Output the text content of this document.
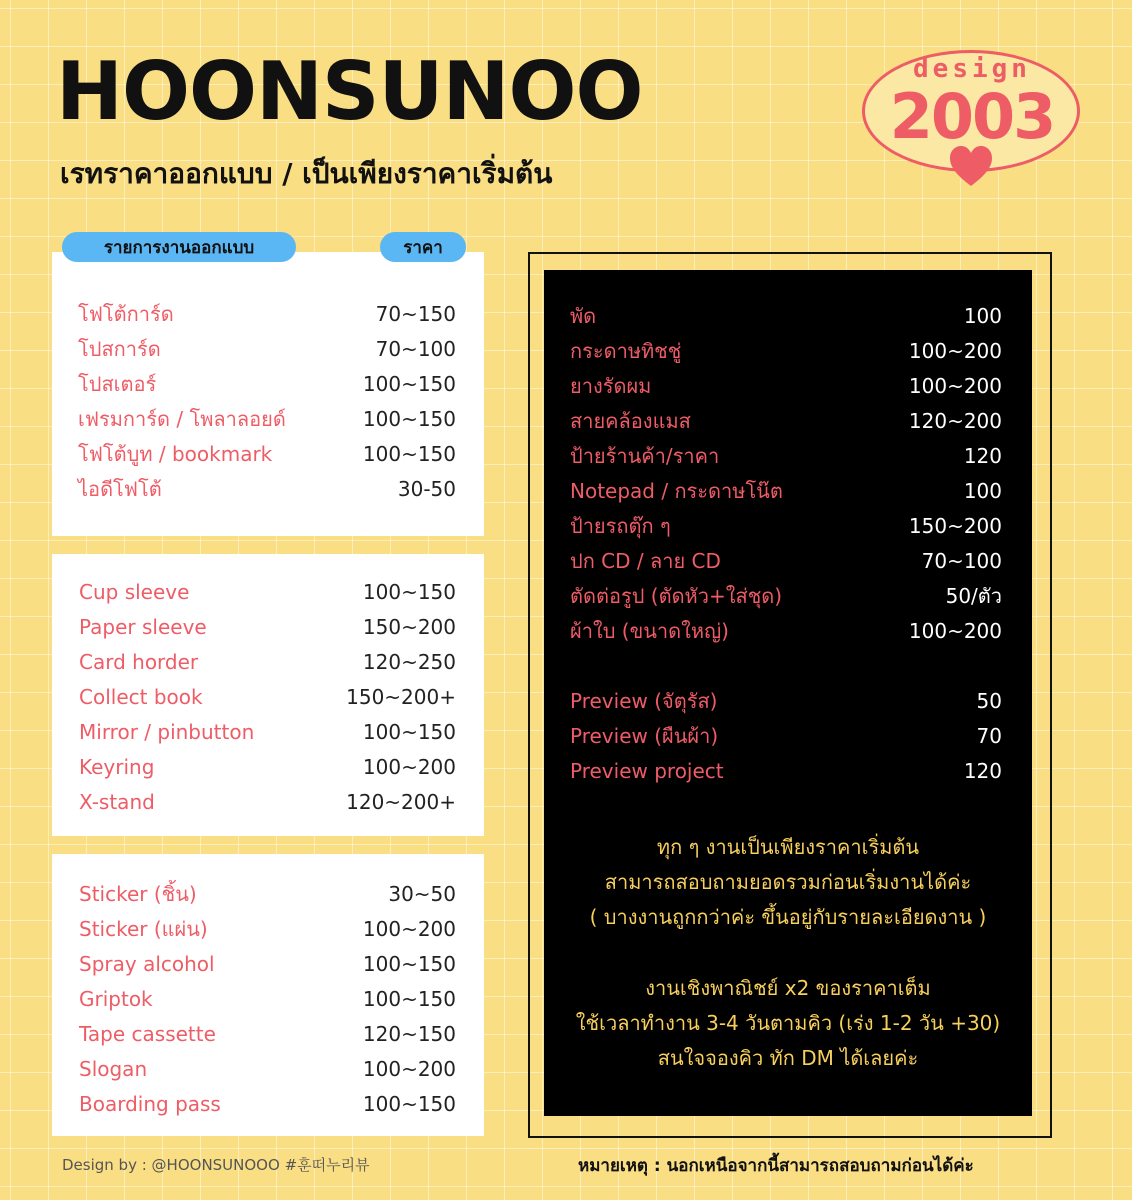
HOONSUNOO
เรทราคาออกแบบ / เป็นเพียงราคาเริ่มต้น
design
2003
โฟโต้การ์ด	70~150
โปสการ์ด	70~100
โปสเตอร์	100~150
เฟรมการ์ด / โพลาลอยด์	100~150
โฟโต้บูท / bookmark	100~150
ไอดีโฟโต้	30-50
Cup sleeve	100~150
Paper sleeve	150~200
Card horder	120~250
Collect book	150~200+
Mirror / pinbutton	100~150
Keyring	100~200
X-stand	120~200+
Sticker (ชิ้น)	30~50
Sticker (แผ่น)	100~200
Spray alcohol	100~150
Griptok	100~150
Tape cassette	120~150
Slogan	100~200
Boarding pass	100~150
รายการงานออกแบบ	ราคา
พัด	100
กระดาษทิชชู่	100~200
ยางรัดผม	100~200
สายคล้องแมส	120~200
ป้ายร้านค้า/ราคา	120
Notepad / กระดาษโน๊ต	100
ป้ายรถตุ๊ก ๆ	150~200
ปก CD / ลาย CD	70~100
ตัดต่อรูป (ตัดหัว+ใส่ชุด)	50/ตัว
ผ้าใบ (ขนาดใหญ่)	100~200
Preview (จัตุรัส)	50
Preview (ผืนผ้า)	70
Preview project	120
ทุก ๆ งานเป็นเพียงราคาเริ่มต้น
สามารถสอบถามยอดรวมก่อนเริ่มงานได้ค่ะ
( บางงานถูกกว่าค่ะ ขึ้นอยู่กับรายละเอียดงาน )
งานเชิงพาณิชย์ x2 ของราคาเต็ม
ใช้เวลาทำงาน 3-4 วันตามคิว (เร่ง 1-2 วัน +30)
สนใจจองคิว ทัก DM ได้เลยค่ะ
Design by : @HOONSUNOOO #훈떠누리뷰	หมายเหตุ : นอกเหนือจากนี้สามารถสอบถามก่อนได้ค่ะ
